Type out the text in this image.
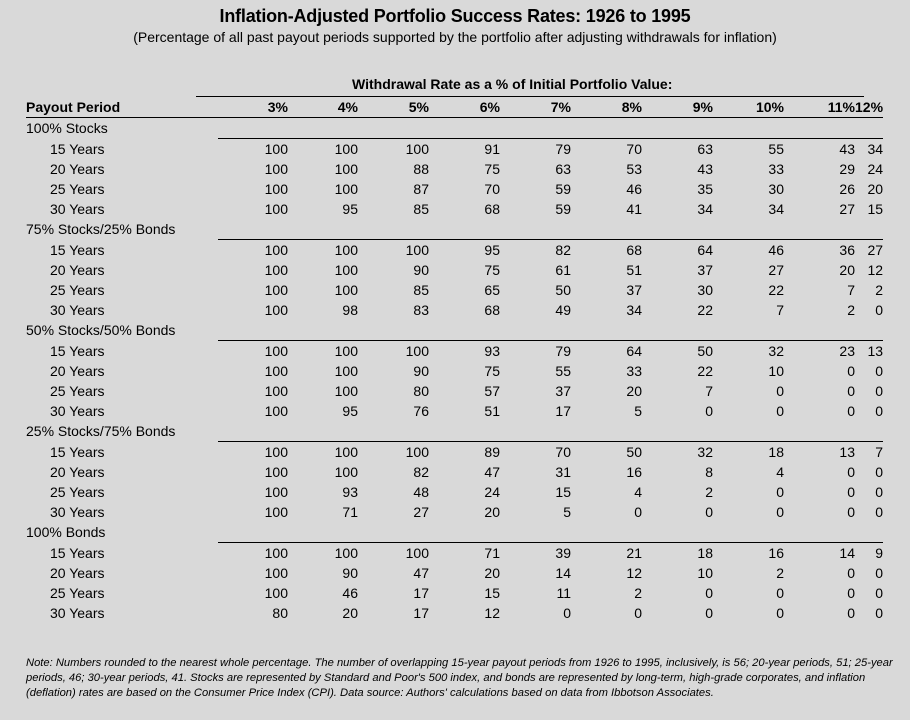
Inflation-Adjusted Portfolio Success Rates: 1926 to 1995
(Percentage of all past payout periods supported by the portfolio after adjusting withdrawals for inflation)
Withdrawal Rate as a % of Initial Portfolio Value:
Payout Period	3%	4%	5%	6%	7%	8%	9%	10%	11%	12%
100% Stocks										
15 Years	100	100	100	91	79	70	63	55	43	34
20 Years	100	100	88	75	63	53	43	33	29	24
25 Years	100	100	87	70	59	46	35	30	26	20
30 Years	100	95	85	68	59	41	34	34	27	15
75% Stocks/25% Bonds										
15 Years	100	100	100	95	82	68	64	46	36	27
20 Years	100	100	90	75	61	51	37	27	20	12
25 Years	100	100	85	65	50	37	30	22	7	2
30 Years	100	98	83	68	49	34	22	7	2	0
50% Stocks/50% Bonds										
15 Years	100	100	100	93	79	64	50	32	23	13
20 Years	100	100	90	75	55	33	22	10	0	0
25 Years	100	100	80	57	37	20	7	0	0	0
30 Years	100	95	76	51	17	5	0	0	0	0
25% Stocks/75% Bonds										
15 Years	100	100	100	89	70	50	32	18	13	7
20 Years	100	100	82	47	31	16	8	4	0	0
25 Years	100	93	48	24	15	4	2	0	0	0
30 Years	100	71	27	20	5	0	0	0	0	0
100% Bonds										
15 Years	100	100	100	71	39	21	18	16	14	9
20 Years	100	90	47	20	14	12	10	2	0	0
25 Years	100	46	17	15	11	2	0	0	0	0
30 Years	80	20	17	12	0	0	0	0	0	0
Note: Numbers rounded to the nearest whole percentage. The number of overlapping 15-year payout periods from 1926 to 1995, inclusively, is 56; 20-year periods, 51; 25-year periods, 46; 30-year periods, 41. Stocks are represented by Standard and Poor's 500 index, and bonds are represented by long-term, high-grade corporates, and inflation (deflation) rates are based on the Consumer Price Index (CPI). Data source: Authors' calculations based on data from Ibbotson Associates.
